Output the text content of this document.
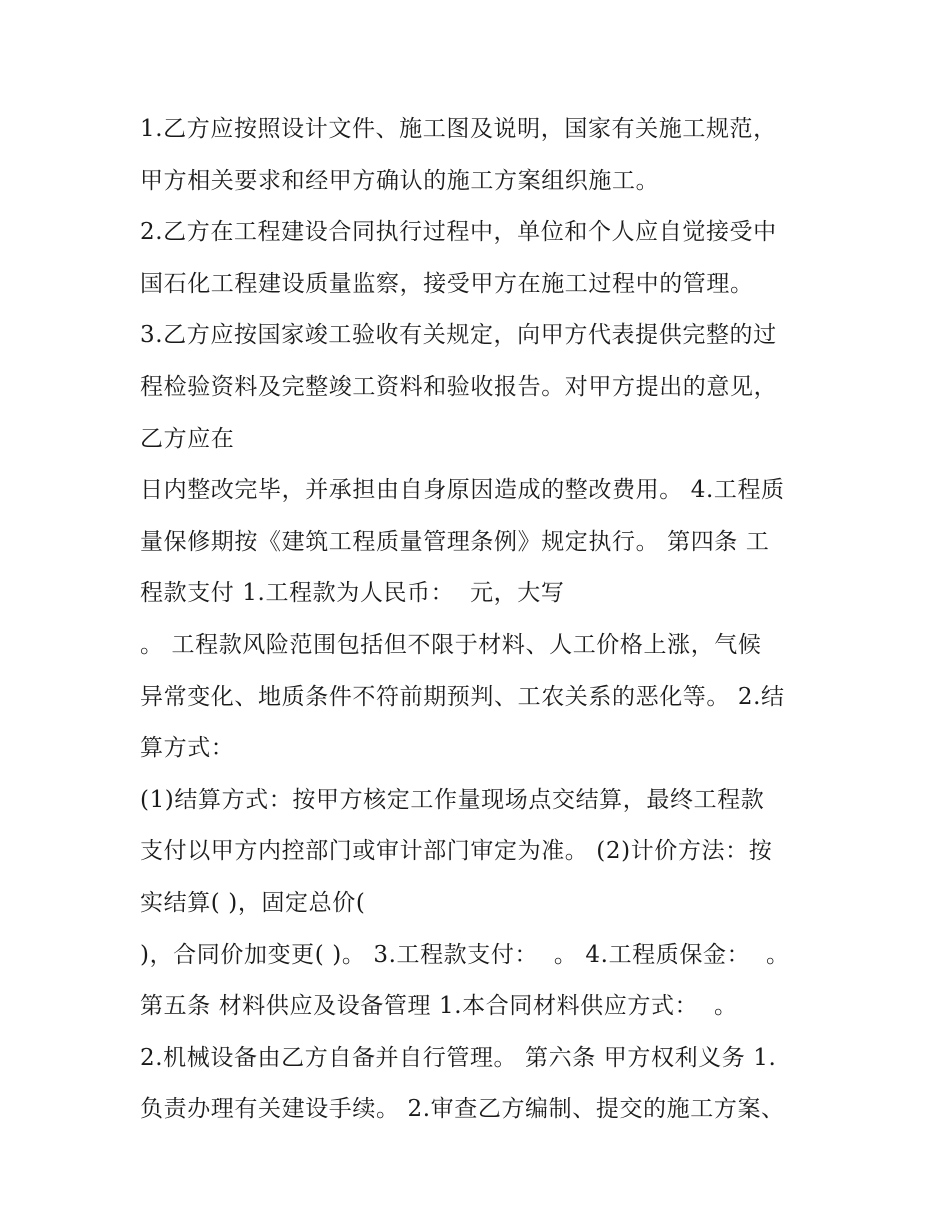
1.乙方应按照设计文件、施工图及说明，国家有关施工规范，
甲方相关要求和经甲方确认的施工方案组织施工。
2.乙方在工程建设合同执行过程中，单位和个人应自觉接受中
国石化工程建设质量监察，接受甲方在施工过程中的管理。
3.乙方应按国家竣工验收有关规定，向甲方代表提供完整的过
程检验资料及完整竣工资料和验收报告。对甲方提出的意见，
乙方应在
日内整改完毕，并承担由自身原因造成的整改费用。 4.工程质
量保修期按《建筑工程质量管理条例》规定执行。 第四条 工
程款支付 1.工程款为人民币：  元，大写
。 工程款风险范围包括但不限于材料、人工价格上涨，气候
异常变化、地质条件不符前期预判、工农关系的恶化等。 2.结
算方式：
(1)结算方式：按甲方核定工作量现场点交结算，最终工程款
支付以甲方内控部门或审计部门审定为准。 (2)计价方法：按
实结算( )，固定总价(
)，合同价加变更( )。 3.工程款支付：  。 4.工程质保金：  。
第五条 材料供应及设备管理 1.本合同材料供应方式：  。
2.机械设备由乙方自备并自行管理。 第六条 甲方权利义务 1.
负责办理有关建设手续。 2.审查乙方编制、提交的施工方案、
